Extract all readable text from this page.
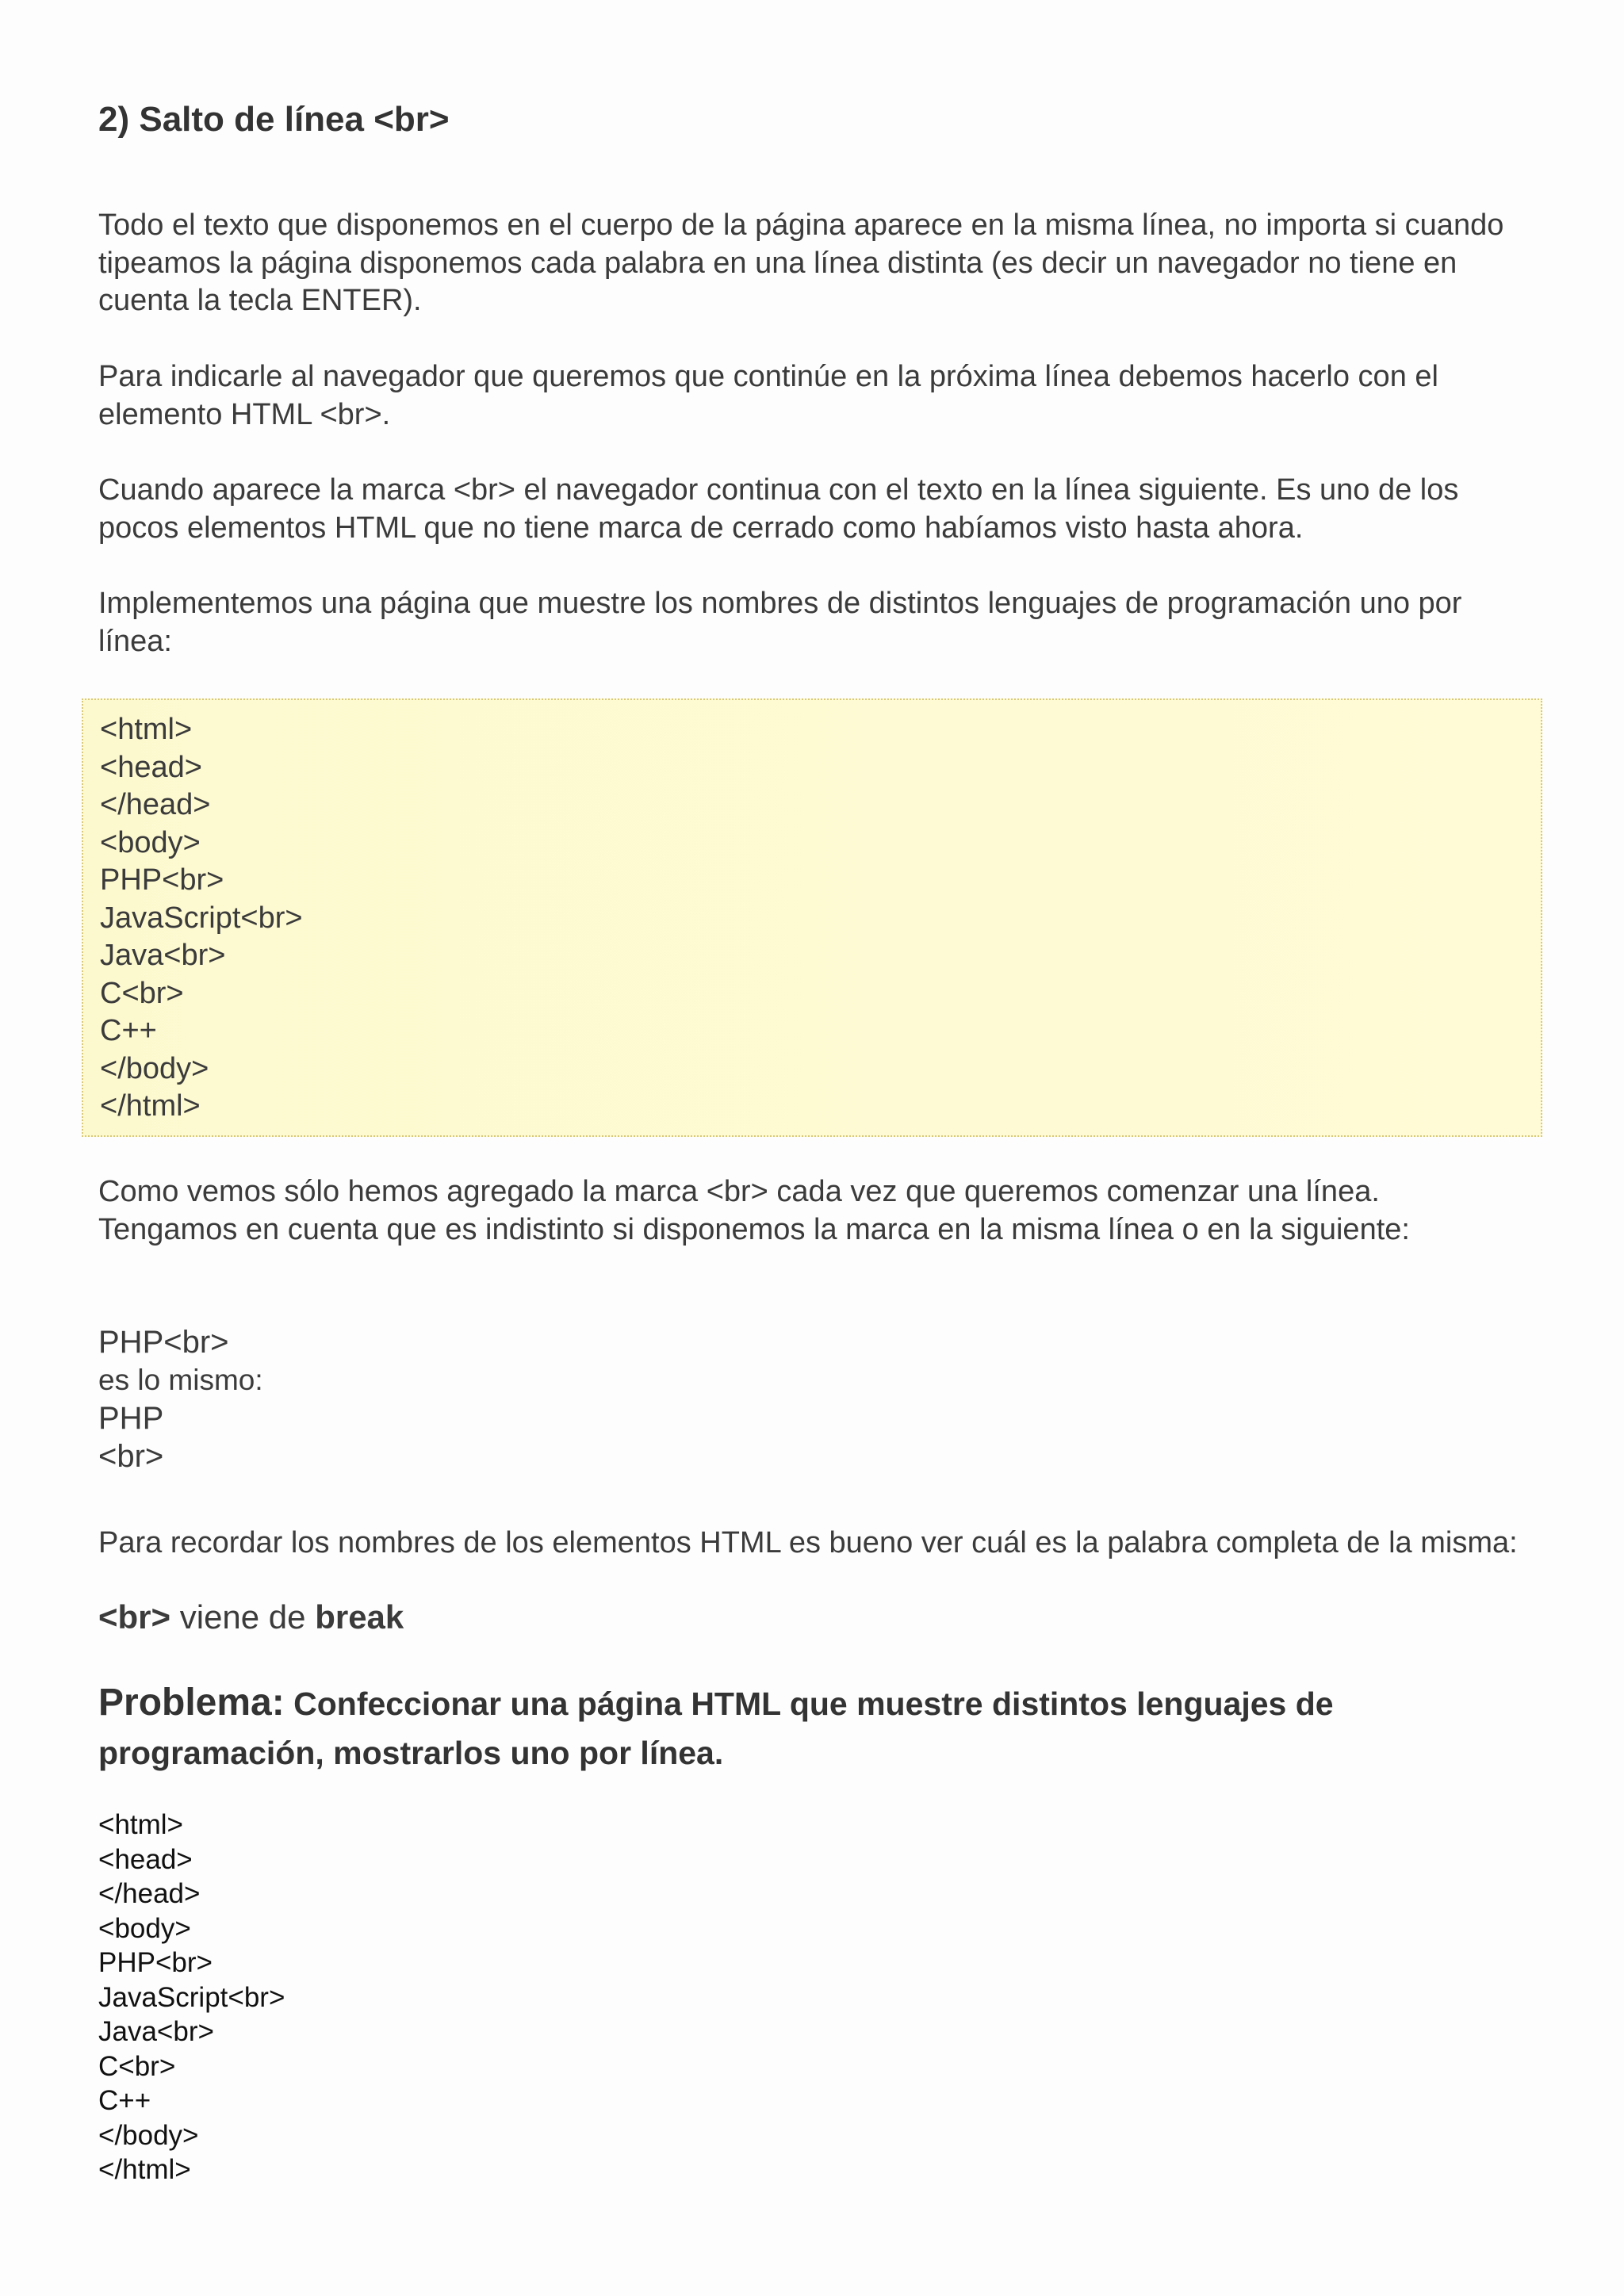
2) Salto de línea <br>

Todo el texto que disponemos en el cuerpo de la página aparece en la misma línea, no importa si cuando tipeamos la página disponemos cada palabra en una línea distinta (es decir un navegador no tiene en cuenta la tecla ENTER).

Para indicarle al navegador que queremos que continúe en la próxima línea debemos hacerlo con el elemento HTML <br>.

Cuando aparece la marca <br> el navegador continua con el texto en la línea siguiente. Es uno de los pocos elementos HTML que no tiene marca de cerrado como habíamos visto hasta ahora.

Implementemos una página que muestre los nombres de distintos lenguajes de programación uno por línea:

<html>
<head>
</head>
<body>
PHP<br>
JavaScript<br>
Java<br>
C<br>
C++
</body>
</html>

Como vemos sólo hemos agregado la marca <br> cada vez que queremos comenzar una línea. Tengamos en cuenta que es indistinto si disponemos la marca en la misma línea o en la siguiente:

PHP<br>
es lo mismo:
PHP
<br>

Para recordar los nombres de los elementos HTML es bueno ver cuál es la palabra completa de la misma:

<br> viene de break

Problema: Confeccionar una página HTML que muestre distintos lenguajes de programación, mostrarlos uno por línea.

<html>
<head>
</head>
<body>
PHP<br>
JavaScript<br>
Java<br>
C<br>
C++
</body>
</html>
